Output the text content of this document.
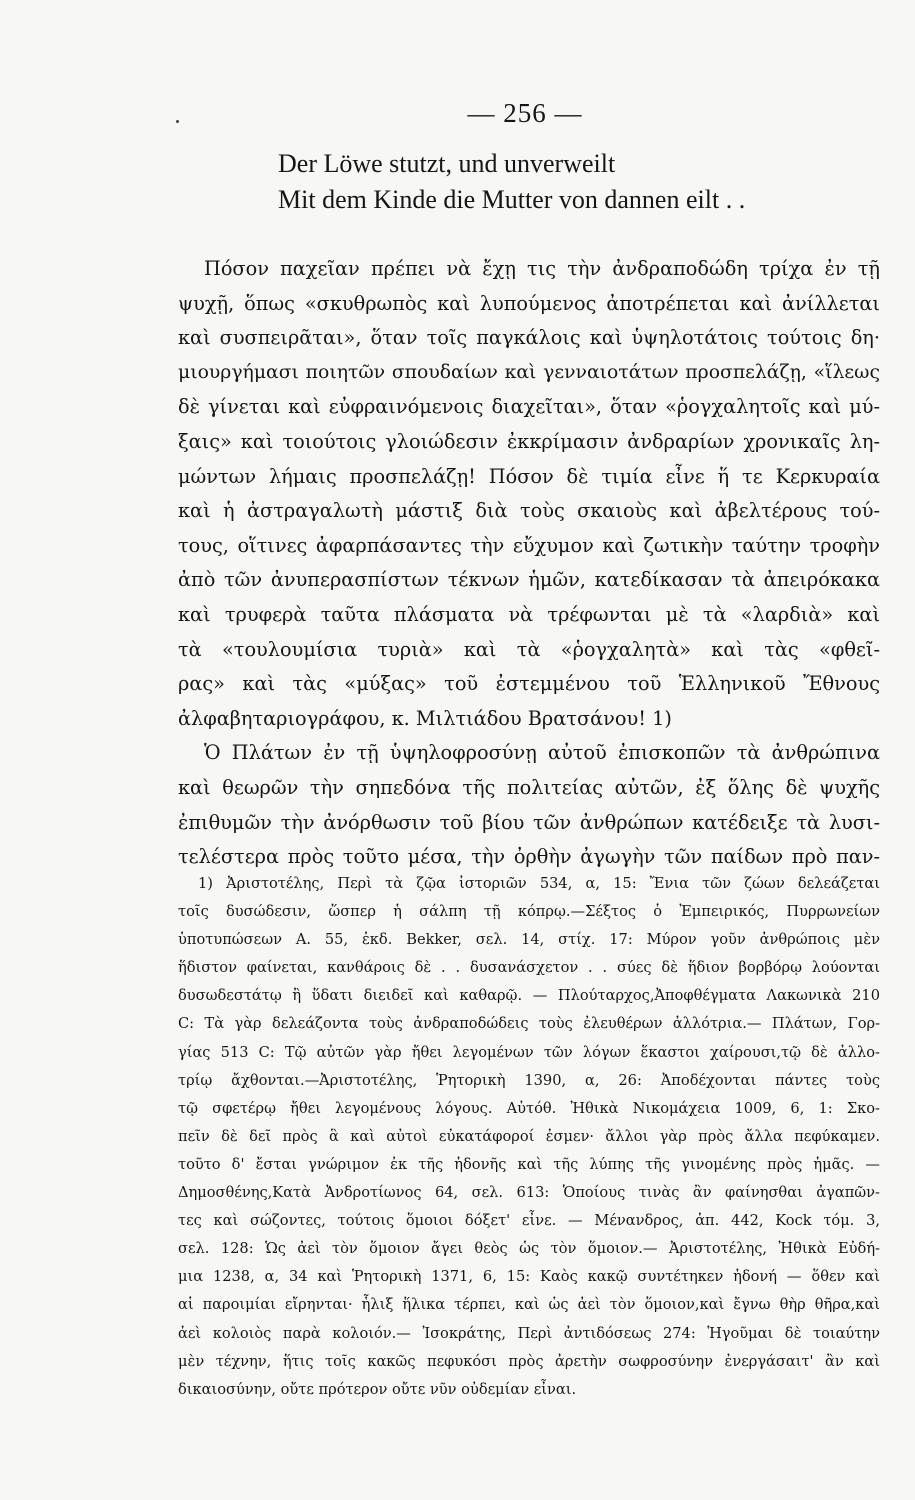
— 256 —
Der Löwe stutzt, und unverweilt
Mit dem Kinde die Mutter von dannen eilt . .
Πόσον παχεῖαν πρέπει νὰ ἔχῃ τις τὴν ἀνδραποδώδη τρίχα ἐν τῇ
ψυχῇ, ὅπως «σκυθρωπὸς καὶ λυπούμενος ἀποτρέπεται καὶ ἀνίλλεται
καὶ συσπειρᾶται», ὅταν τοῖς παγκάλοις καὶ ὑψηλοτάτοις τούτοις δη·
μιουργήμασι ποιητῶν σπουδαίων καὶ γενναιοτάτων προσπελάζῃ, «ἵλεως
δὲ γίνεται καὶ εὐφραινόμενοις διαχεῖται», ὅταν «ῥογχαλητοῖς καὶ μύ-
ξαις» καὶ τοιούτοις γλοιώδεσιν ἐκκρίμασιν ἀνδραρίων χρονικαῖς λη-
μώντων λήμαις προσπελάζῃ! Πόσον δὲ τιμία εἶνε ἥ τε Κερκυραία
καὶ ἡ ἀστραγαλωτὴ μάστιξ διὰ τοὺς σκαιοὺς καὶ ἀβελτέρους τού-
τους, οἵτινες ἀφαρπάσαντες τὴν εὔχυμον καὶ ζωτικὴν ταύτην τροφὴν
ἀπὸ τῶν ἀνυπερασπίστων τέκνων ἡμῶν, κατεδίκασαν τὰ ἀπειρόκακα
καὶ τρυφερὰ ταῦτα πλάσματα νὰ τρέφωνται μὲ τὰ «λαρδιὰ» καὶ
τὰ «τουλουμίσια τυριὰ» καὶ τὰ «ῥογχαλητὰ» καὶ τὰς «φθεῖ-
ρας» καὶ τὰς «μύξας» τοῦ ἐστεμμένου τοῦ Ἑλληνικοῦ Ἔθνους
ἀλφαβηταριογράφου, κ. Μιλτιάδου Βρατσάνου! 1)
Ὁ Πλάτων ἐν τῇ ὑψηλοφροσύνῃ αὐτοῦ ἐπισκοπῶν τὰ ἀνθρώπινα
καὶ θεωρῶν τὴν σηπεδόνα τῆς πολιτείας αὐτῶν, ἐξ ὅλης δὲ ψυχῆς
ἐπιθυμῶν τὴν ἀνόρθωσιν τοῦ βίου τῶν ἀνθρώπων κατέδειξε τὰ λυσι-
τελέστερα πρὸς τοῦτο μέσα, τὴν ὀρθὴν ἀγωγὴν τῶν παίδων πρὸ παν-
1) Ἀριστοτέλης, Περὶ τὰ ζῷα ἱστοριῶν 534, α, 15: Ἔνια τῶν ζώων δελεάζεται
τοῖς δυσώδεσιν, ὥσπερ ἡ σάλπη τῇ κόπρῳ.—Σέξτος ὁ Ἐμπειρικός, Πυρρωνείων
ὑποτυπώσεων Α. 55, ἐκδ. Bekker, σελ. 14, στίχ. 17: Μύρον γοῦν ἀνθρώποις μὲν
ἥδιστον φαίνεται, κανθάροις δὲ . . δυσανάσχετον . . σύες δὲ ἥδιον βορβόρῳ λούονται
δυσωδεστάτῳ ἢ ὕδατι διειδεῖ καὶ καθαρῷ. — Πλούταρχος,Ἀποφθέγματα Λακωνικὰ 210
C: Τὰ γὰρ δελεάζοντα τοὺς ἀνδραποδώδεις τοὺς ἐλευθέρων ἀλλότρια.— Πλάτων, Γορ-
γίας 513 C: Τῷ αὐτῶν γὰρ ἤθει λεγομένων τῶν λόγων ἕκαστοι χαίρουσι,τῷ δὲ ἀλλο-
τρίῳ ἄχθονται.—Ἀριστοτέλης, Ῥητορικὴ 1390, α, 26: Ἀποδέχονται πάντες τοὺς
τῷ σφετέρῳ ἤθει λεγομένους λόγους. Αὐτόθ. Ἠθικὰ Νικομάχεια 1009, 6, 1: Σκο-
πεῖν δὲ δεῖ πρὸς ἃ καὶ αὐτοὶ εὐκατάφοροί ἐσμεν· ἄλλοι γὰρ πρὸς ἄλλα πεφύκαμεν.
τοῦτο δ' ἔσται γνώριμον ἐκ τῆς ἡδονῆς καὶ τῆς λύπης τῆς γινομένης πρὸς ἡμᾶς. —
Δημοσθένης,Κατὰ Ἀνδροτίωνος 64, σελ. 613: Ὁποίους τινὰς ἂν φαίνησθαι ἀγαπῶν-
τες καὶ σώζοντες, τούτοις ὅμοιοι δόξετ' εἶνε. — Μένανδρος, ἀπ. 442, Kock τόμ. 3,
σελ. 128: Ὡς ἀεὶ τὸν ὅμοιον ἄγει θεὸς ὡς τὸν ὅμοιον.— Ἀριστοτέλης, Ἠθικὰ Εὐδή-
μια 1238, α, 34 καὶ Ῥητορικὴ 1371, 6, 15: Καὸς κακῷ συντέτηκεν ἡδονή — ὅθεν καὶ
αἱ παροιμίαι εἴρηνται· ἧλιξ ἥλικα τέρπει, καὶ ὡς ἀεὶ τὸν ὅμοιον,καὶ ἔγνω θὴρ θῆρα,καὶ
ἀεὶ κολοιὸς παρὰ κολοιόν.— Ἰσοκράτης, Περὶ ἀντιδόσεως 274: Ἡγοῦμαι δὲ τοιαύτην
μὲν τέχνην, ἥτις τοῖς κακῶς πεφυκόσι πρὸς ἀρετὴν σωφροσύνην ἐνεργάσαιτ' ἂν καὶ
δικαιοσύνην, οὔτε πρότερον οὔτε νῦν οὐδεμίαν εἶναι.
